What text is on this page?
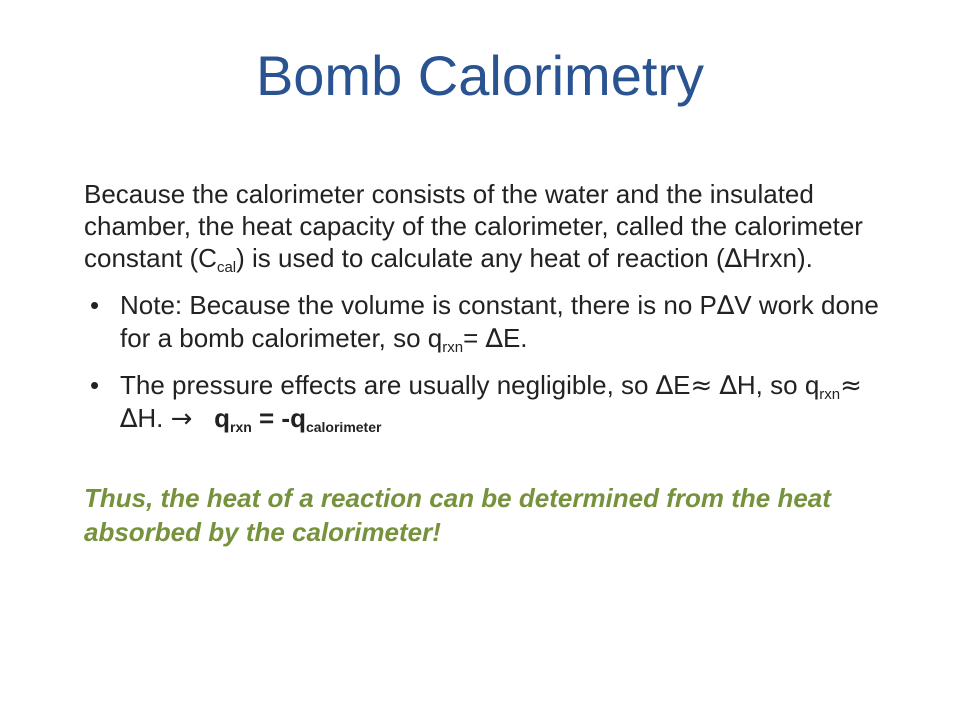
Bomb Calorimetry

Because the calorimeter consists of the water and the insulated chamber, the heat capacity of the calorimeter, called the calorimeter constant $(C_{cal})$ is used to calculate any heat of reaction (∆Hrxn).

• Note: Because the volume is constant, there is no P∆V work done for a bomb calorimeter, so $q_{rxn}= \Delta E$.
• The pressure effects are usually negligible, so ∆E≈ ∆H, so $q_{rxn}\approx \Delta H$. → $q_{rxn} = -q_{calorimeter}$

Thus, the heat of a reaction can be determined from the heat absorbed by the calorimeter!
